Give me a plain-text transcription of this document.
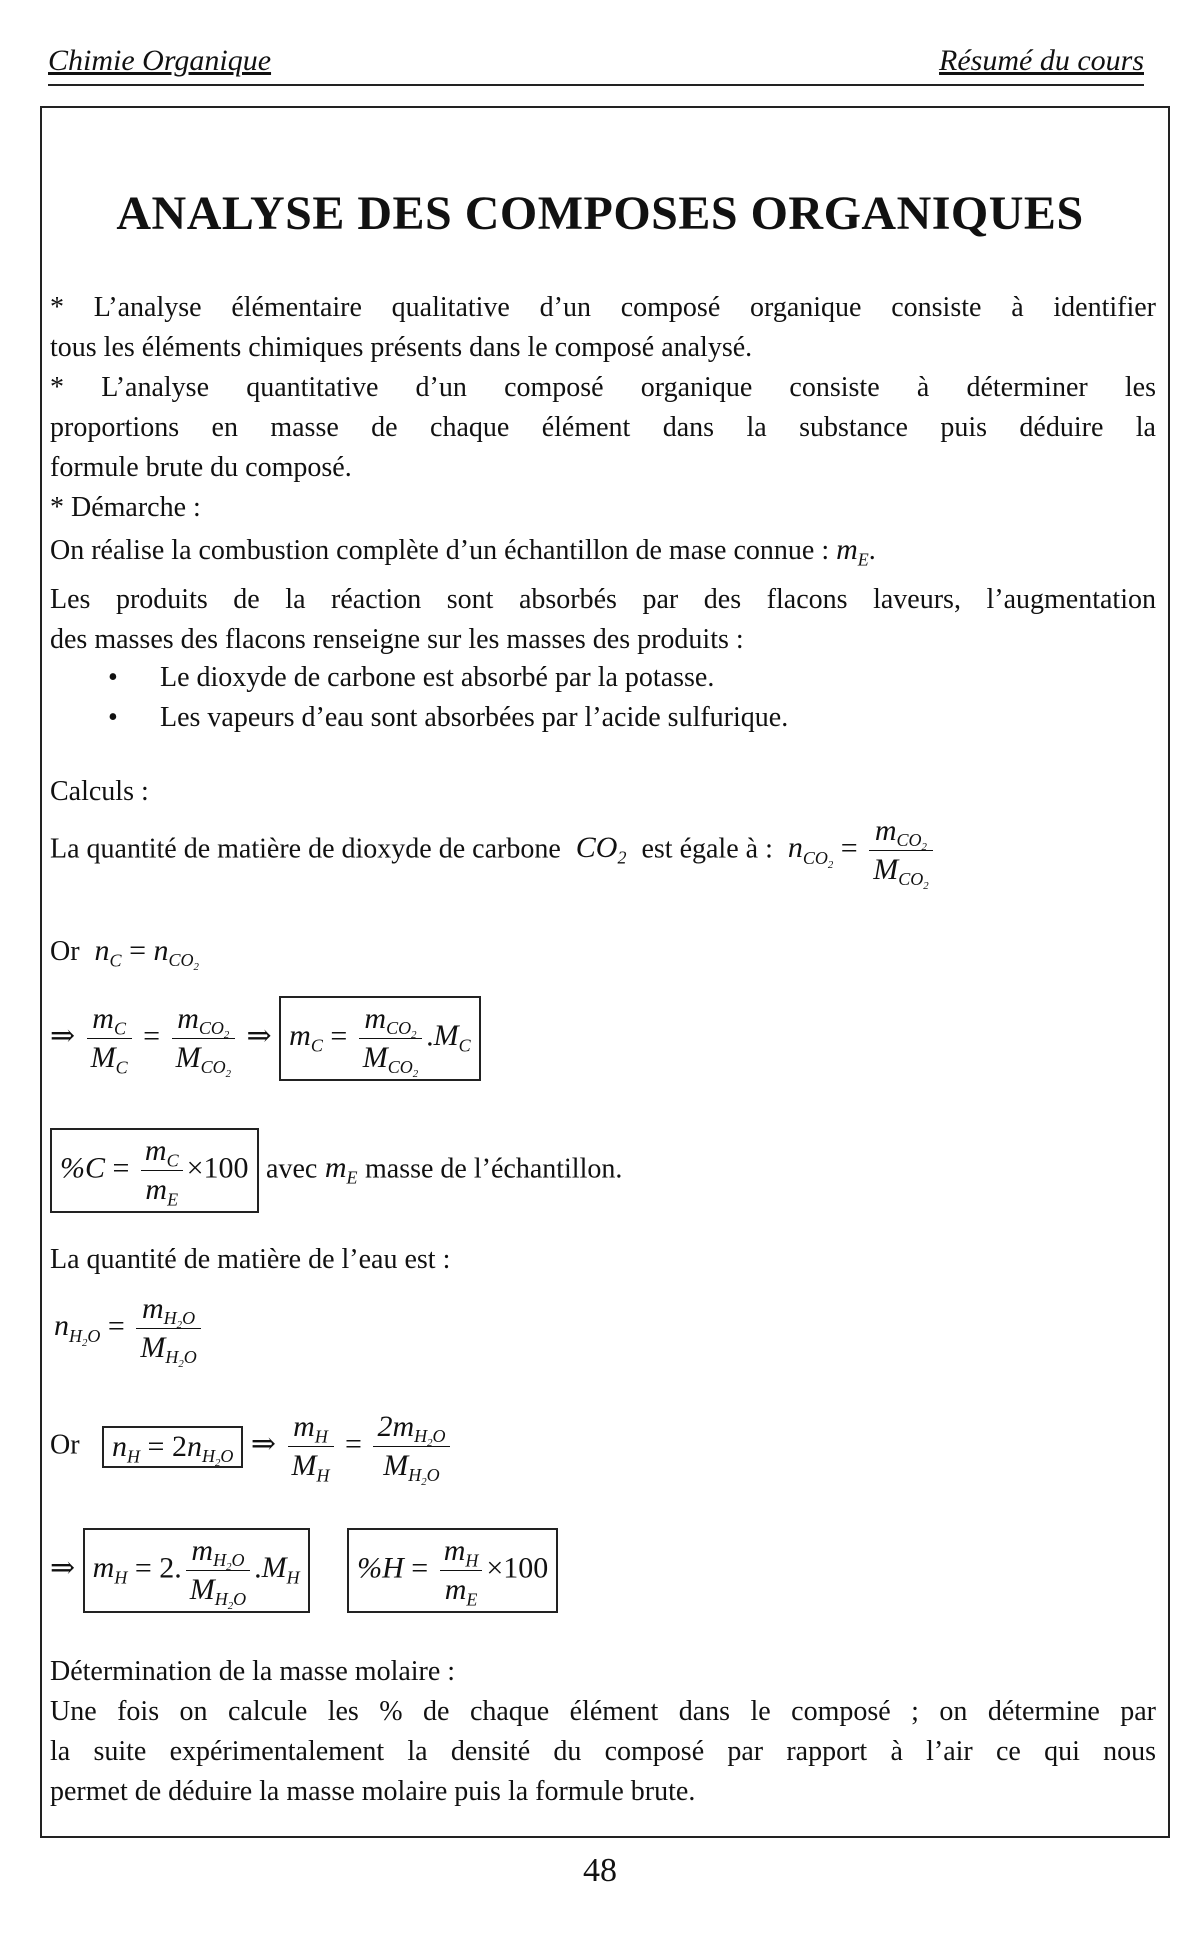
Chimie Organique	Résumé du cours
ANALYSE DES COMPOSES ORGANIQUES
* L’analyse élémentaire qualitative d’un composé organique consiste à identifier
tous les éléments chimiques présents dans le composé analysé.
* L’analyse quantitative d’un composé organique consiste à déterminer les
proportions en masse de chaque élément dans la substance puis déduire la
formule brute du composé.
* Démarche :
On réalise la combustion complète d’un échantillon de mase connue : $m_E$.
Les produits de la réaction sont absorbés par des flacons laveurs, l’augmentation
des masses des flacons renseigne sur les masses des produits :
• Le dioxyde de carbone est absorbé par la potasse.
• Les vapeurs d’eau sont absorbées par l’acide sulfurique.
Calculs :
La quantité de matière de dioxyde de carbone  $CO_2$ est égale à :  $n_{CO_2} = \frac{m_{CO_2}}{M_{CO_2}}$
Or  $n_C = n_{CO_2}$
⇒ $\frac{m_C}{M_C} = \frac{m_{CO_2}}{M_{CO_2}}$ ⇒ $m_C = \frac{m_{CO_2}}{M_{CO_2}} .M_C$
$\%C = \frac{m_C}{m_E} \times 100$ avec $m_E$ masse de l’échantillon.
La quantité de matière de l’eau est :
$n_{H_2O} = \frac{m_{H_2O}}{M_{H_2O}}$
Or $n_H = 2n_{H_2O}$ ⇒ $\frac{m_H}{M_H} = \frac{2m_{H_2O}}{M_{H_2O}}$
⇒ $m_H = 2$. $\frac{m_{H_2O}}{M_{H_2O}} .M_H$ $\%H = \frac{m_H}{m_E} \times 100$
Détermination de la masse molaire :
Une fois on calcule les % de chaque élément dans le composé ; on détermine par
la suite expérimentalement la densité du composé par rapport à l’air ce qui nous
permet de déduire la masse molaire puis la formule brute.
48
